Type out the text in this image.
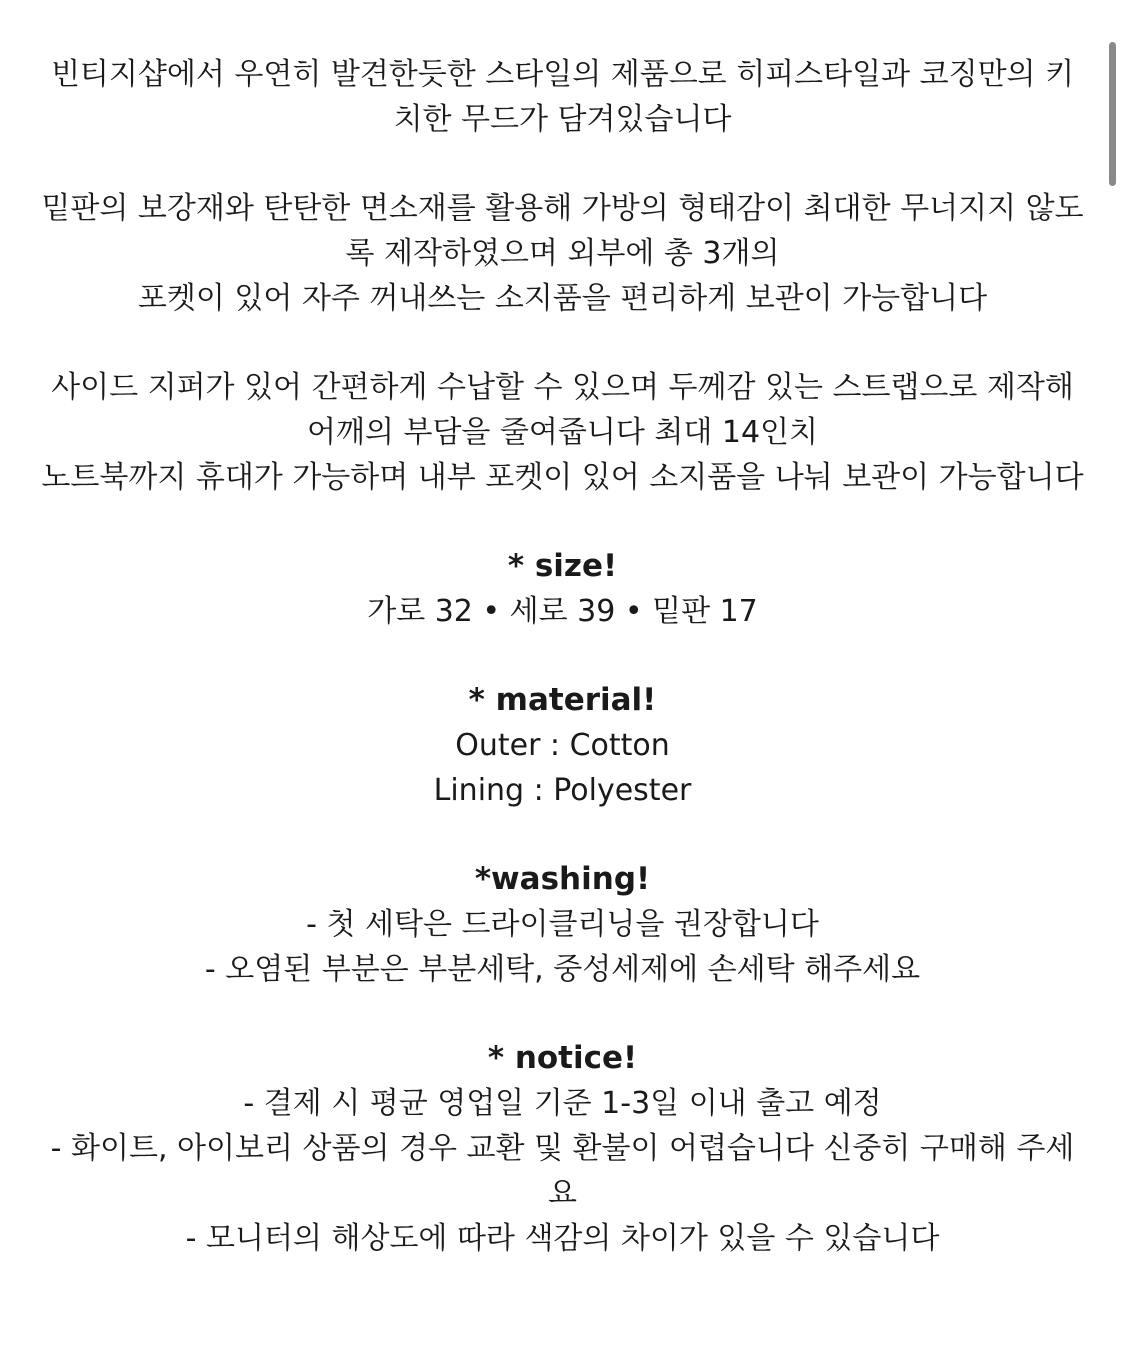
빈티지샵에서 우연히 발견한듯한 스타일의 제품으로 히피스타일과 코징만의 키
치한 무드가 담겨있습니다
밑판의 보강재와 탄탄한 면소재를 활용해 가방의 형태감이 최대한 무너지지 않도
록 제작하였으며 외부에 총 3개의
포켓이 있어 자주 꺼내쓰는 소지품을 편리하게 보관이 가능합니다
사이드 지퍼가 있어 간편하게 수납할 수 있으며 두께감 있는 스트랩으로 제작해
어깨의 부담을 줄여줍니다 최대 14인치
노트북까지 휴대가 가능하며 내부 포켓이 있어 소지품을 나눠 보관이 가능합니다
* size!
가로 32 • 세로 39 • 밑판 17
* material!
Outer : Cotton
Lining : Polyester
*washing!
- 첫 세탁은 드라이클리닝을 권장합니다
- 오염된 부분은 부분세탁, 중성세제에 손세탁 해주세요
* notice!
- 결제 시 평균 영업일 기준 1-3일 이내 출고 예정
- 화이트, 아이보리 상품의 경우 교환 및 환불이 어렵습니다 신중히 구매해 주세
요
- 모니터의 해상도에 따라 색감의 차이가 있을 수 있습니다
